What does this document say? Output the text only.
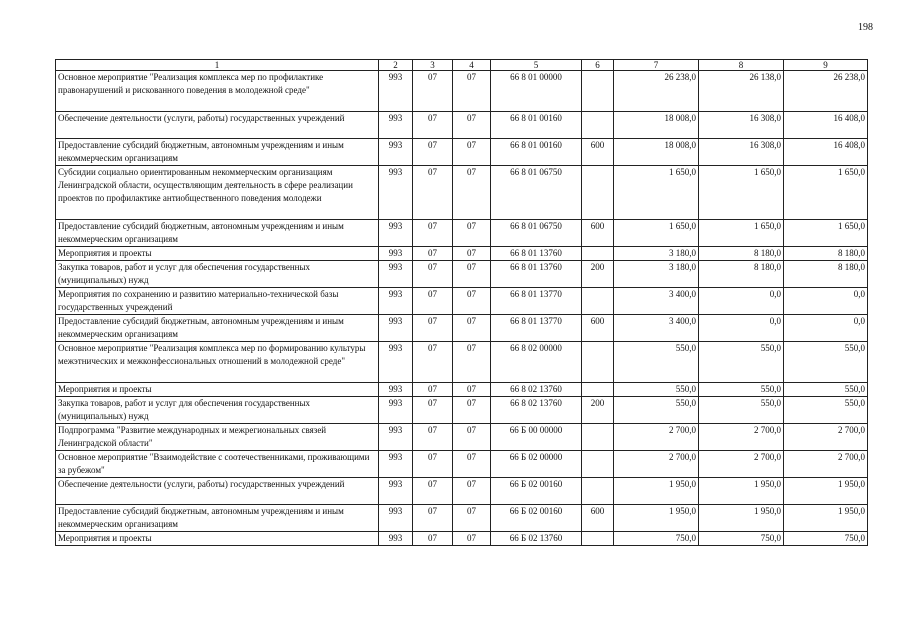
198
1	2	3	4	5	6	7	8	9
Основное мероприятие "Реализация комплекса мер по профилактике правонарушений и рискованного поведения в молодежной среде"	993	07	07	66 8 01 00000		26 238,0	26 138,0	26 238,0
Обеспечение деятельности (услуги, работы) государственных учреждений	993	07	07	66 8 01 00160		18 008,0	16 308,0	16 408,0
Предоставление субсидий бюджетным, автономным учреждениям и иным некоммерческим организациям	993	07	07	66 8 01 00160	600	18 008,0	16 308,0	16 408,0
Субсидии социально ориентированным некоммерческим организациям Ленинградской области, осуществляющим деятельность в сфере реализации проектов по профилактике антиобщественного поведения молодежи	993	07	07	66 8 01 06750		1 650,0	1 650,0	1 650,0
Предоставление субсидий бюджетным, автономным учреждениям и иным некоммерческим организациям	993	07	07	66 8 01 06750	600	1 650,0	1 650,0	1 650,0
Мероприятия и проекты	993	07	07	66 8 01 13760		3 180,0	8 180,0	8 180,0
Закупка товаров, работ и услуг для обеспечения государственных (муниципальных) нужд	993	07	07	66 8 01 13760	200	3 180,0	8 180,0	8 180,0
Мероприятия по сохранению и развитию материально-технической базы государственных учреждений	993	07	07	66 8 01 13770		3 400,0	0,0	0,0
Предоставление субсидий бюджетным, автономным учреждениям и иным некоммерческим организациям	993	07	07	66 8 01 13770	600	3 400,0	0,0	0,0
Основное мероприятие "Реализация комплекса мер по формированию культуры межэтнических и межконфессиональных отношений в молодежной среде"	993	07	07	66 8 02 00000		550,0	550,0	550,0
Мероприятия и проекты	993	07	07	66 8 02 13760		550,0	550,0	550,0
Закупка товаров, работ и услуг для обеспечения государственных (муниципальных) нужд	993	07	07	66 8 02 13760	200	550,0	550,0	550,0
Подпрограмма "Развитие международных и межрегиональных связей Ленинградской области"	993	07	07	66 Б 00 00000		2 700,0	2 700,0	2 700,0
Основное мероприятие "Взаимодействие с соотечественниками, проживающими за рубежом"	993	07	07	66 Б 02 00000		2 700,0	2 700,0	2 700,0
Обеспечение деятельности (услуги, работы) государственных учреждений	993	07	07	66 Б 02 00160		1 950,0	1 950,0	1 950,0
Предоставление субсидий бюджетным, автономным учреждениям и иным некоммерческим организациям	993	07	07	66 Б 02 00160	600	1 950,0	1 950,0	1 950,0
Мероприятия и проекты	993	07	07	66 Б 02 13760		750,0	750,0	750,0
